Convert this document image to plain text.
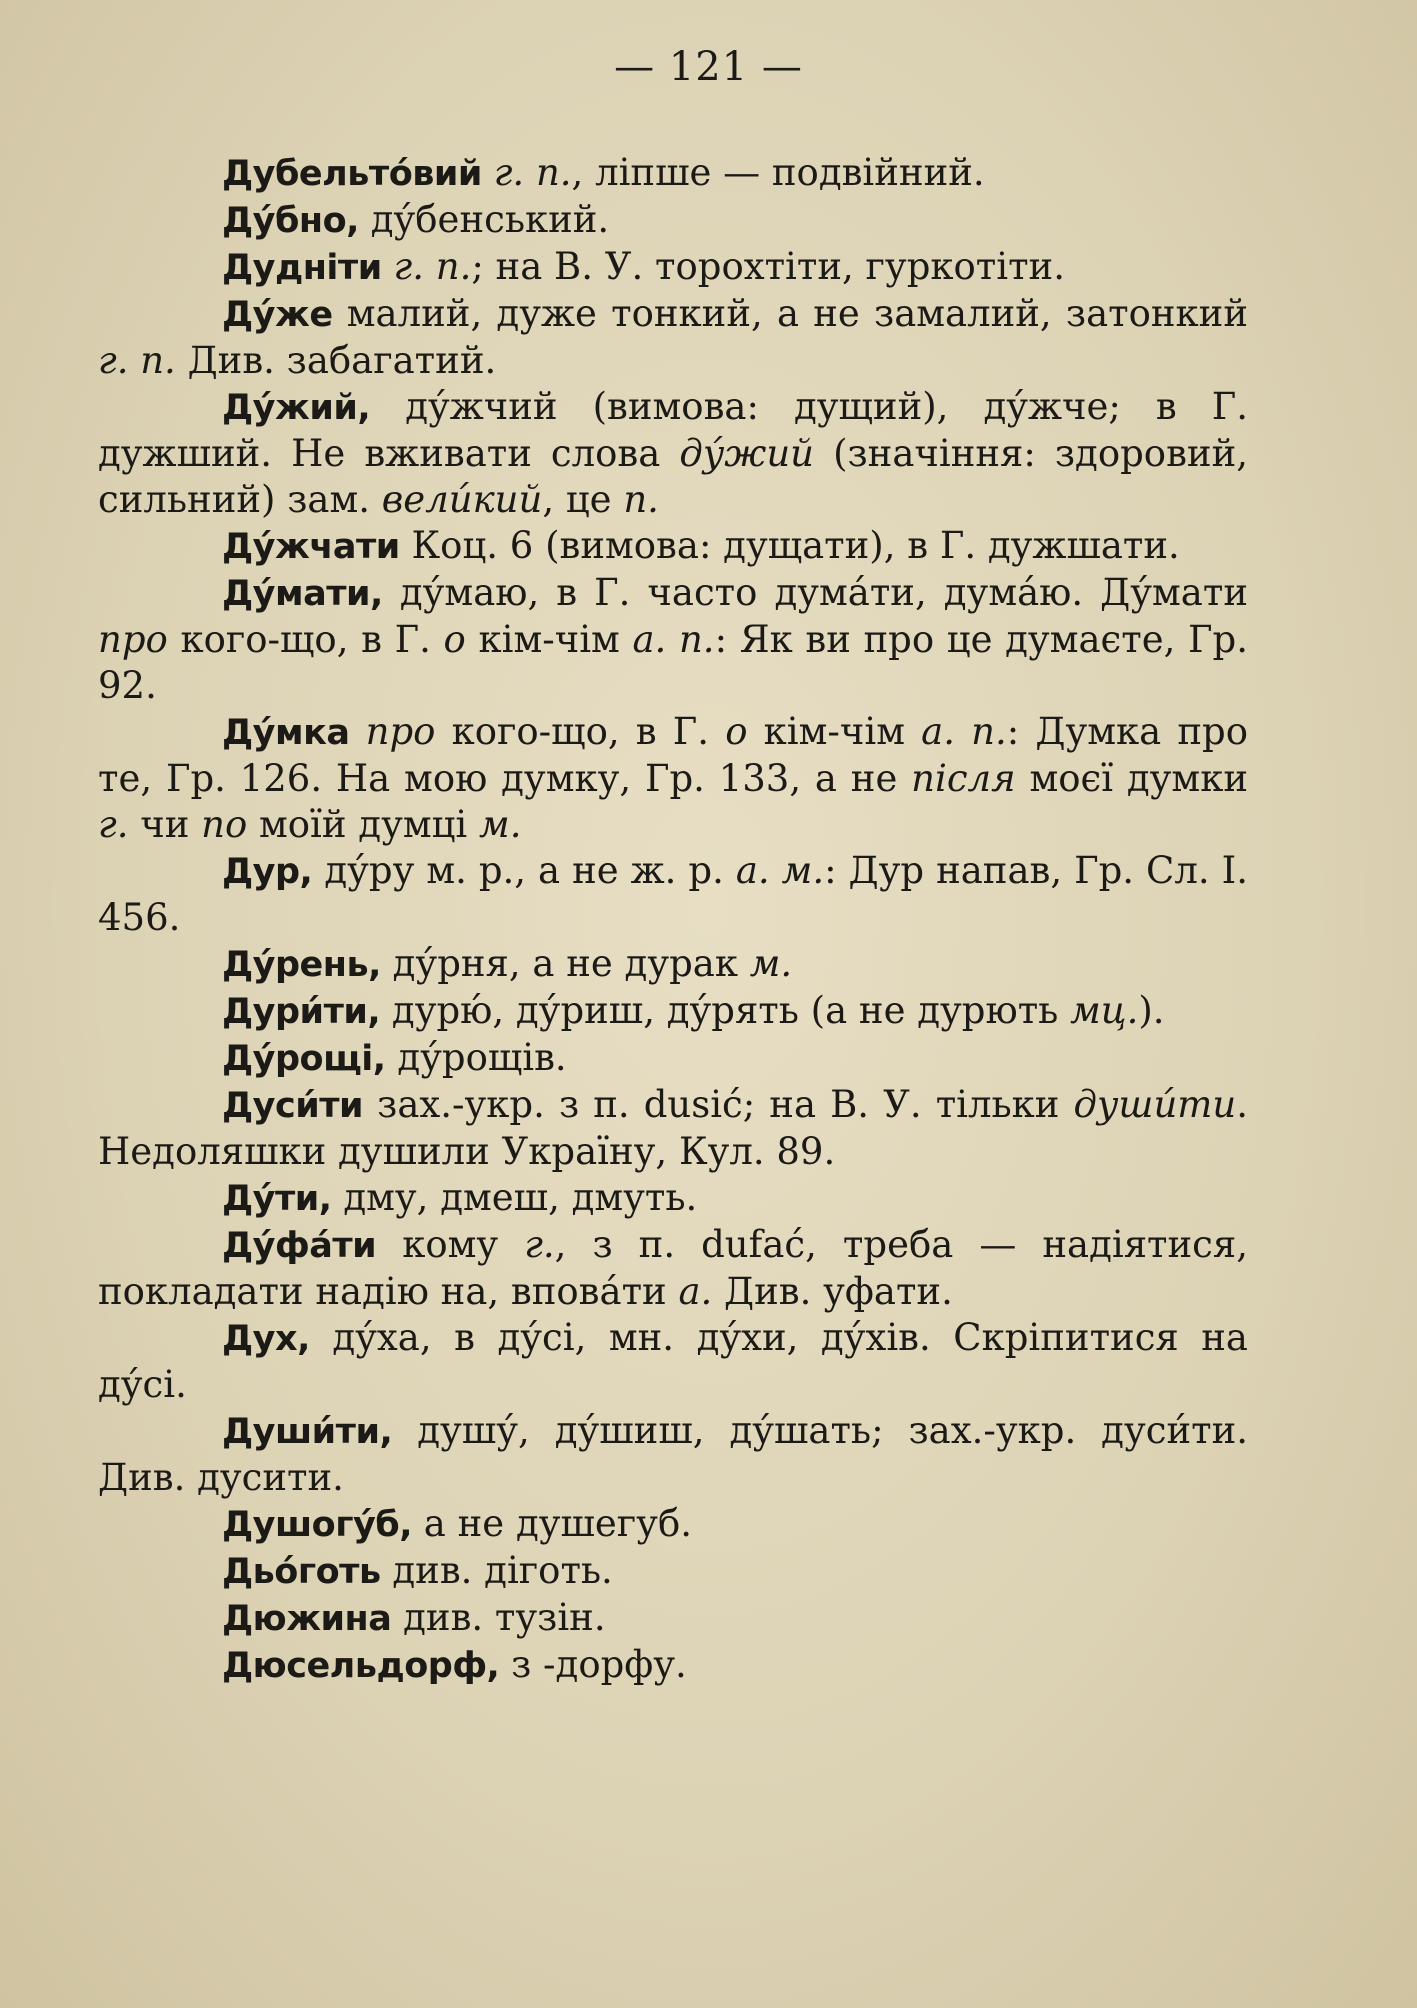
— 121 —

Дубельто́вий г. п., ліпше — подвійний.

Ду́бно, ду́бенський.

Дудніти г. п.; на В. У. торохтіти, гуркотіти.

Ду́же малий, дуже тонкий, а не замалий, затонкий г. п. Див. забагатий.

Ду́жий, ду́жчий (вимова: дущий), ду́жче; в Г. дужший. Не вживати слова ду́жий (значіння: здоровий, сильний) зам. вели́кий, це п.

Ду́жчати Коц. 6 (вимова: дущати), в Г. дужшати.

Ду́мати, ду́маю, в Г. часто дума́ти, дума́ю. Ду́мати про кого-що, в Г. о кім-чім а. п.: Як ви про це думаєте, Гр. 92.

Ду́мка про кого-що, в Г. о кім-чім а. п.: Думка про те, Гр. 126. На мою думку, Гр. 133, а не після моєї думки г. чи по моїй думці м.

Дур, ду́ру м. р., а не ж. р. а. м.: Дур напав, Гр. Сл. I. 456.

Ду́рень, ду́рня, а не дурак м.

Дури́ти, дурю́, ду́риш, ду́рять (а не дурють мц.).

Ду́рощі, ду́рощів.

Дуси́ти зах.-укр. з п. dusić; на В. У. тільки души́ти. Недоляшки душили Україну, Кул. 89.

Ду́ти, дму, дмеш, дмуть.

Ду́фа́ти кому г., з п. dufać, треба — надіятися, покладати надію на, вповáти а. Див. уфати.

Дух, ду́ха, в ду́сі, мн. ду́хи, ду́хів. Скріпитися на ду́сі.

Души́ти, душу́, ду́шиш, ду́шать; зах.-укр. дуси́ти. Див. дусити.

Душогу́б, а не душегуб.

Дьо́готь див. діготь.

Дюжина див. тузін.

Дюсельдорф, з -дорфу.
